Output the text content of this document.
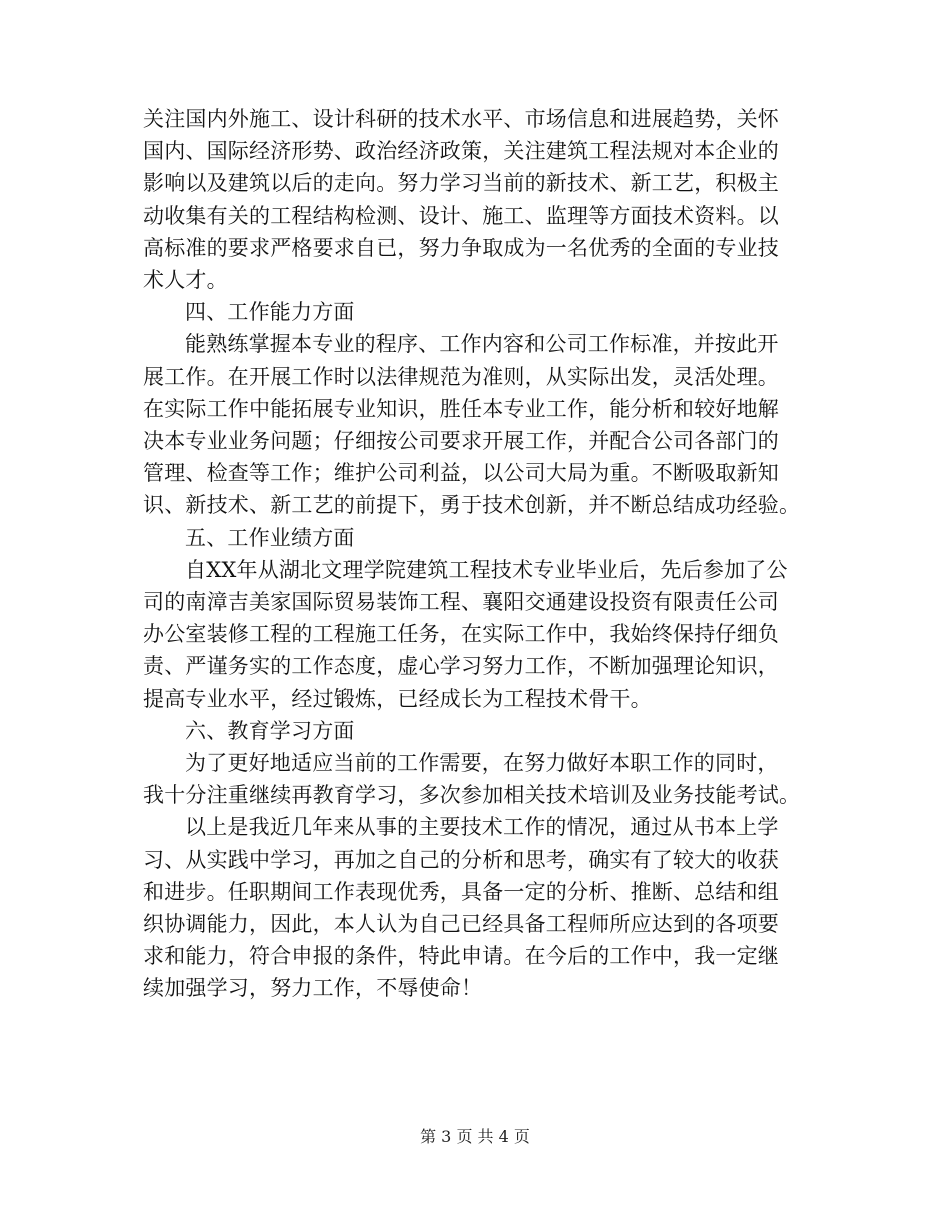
关注国内外施工、设计科研的技术水平、市场信息和进展趋势，关怀
国内、国际经济形势、政治经济政策，关注建筑工程法规对本企业的
影响以及建筑以后的走向。努力学习当前的新技术、新工艺，积极主
动收集有关的工程结构检测、设计、施工、监理等方面技术资料。以
高标准的要求严格要求自已，努力争取成为一名优秀的全面的专业技
术人才。

四、工作能力方面

能熟练掌握本专业的程序、工作内容和公司工作标准，并按此开
展工作。在开展工作时以法律规范为准则，从实际出发，灵活处理。
在实际工作中能拓展专业知识，胜任本专业工作，能分析和较好地解
决本专业业务问题；仔细按公司要求开展工作，并配合公司各部门的
管理、检查等工作；维护公司利益，以公司大局为重。不断吸取新知
识、新技术、新工艺的前提下，勇于技术创新，并不断总结成功经验。

五、工作业绩方面

自XX年从湖北文理学院建筑工程技术专业毕业后，先后参加了公
司的南漳吉美家国际贸易装饰工程、襄阳交通建设投资有限责任公司
办公室装修工程的工程施工任务，在实际工作中，我始终保持仔细负
责、严谨务实的工作态度，虚心学习努力工作，不断加强理论知识，
提高专业水平，经过锻炼，已经成长为工程技术骨干。

六、教育学习方面

为了更好地适应当前的工作需要，在努力做好本职工作的同时，
我十分注重继续再教育学习，多次参加相关技术培训及业务技能考试。

以上是我近几年来从事的主要技术工作的情况，通过从书本上学
习、从实践中学习，再加之自己的分析和思考，确实有了较大的收获
和进步。任职期间工作表现优秀，具备一定的分析、推断、总结和组
织协调能力，因此，本人认为自己已经具备工程师所应达到的各项要
求和能力，符合申报的条件，特此申请。在今后的工作中，我一定继
续加强学习，努力工作，不辱使命！

第 3 页 共 4 页
